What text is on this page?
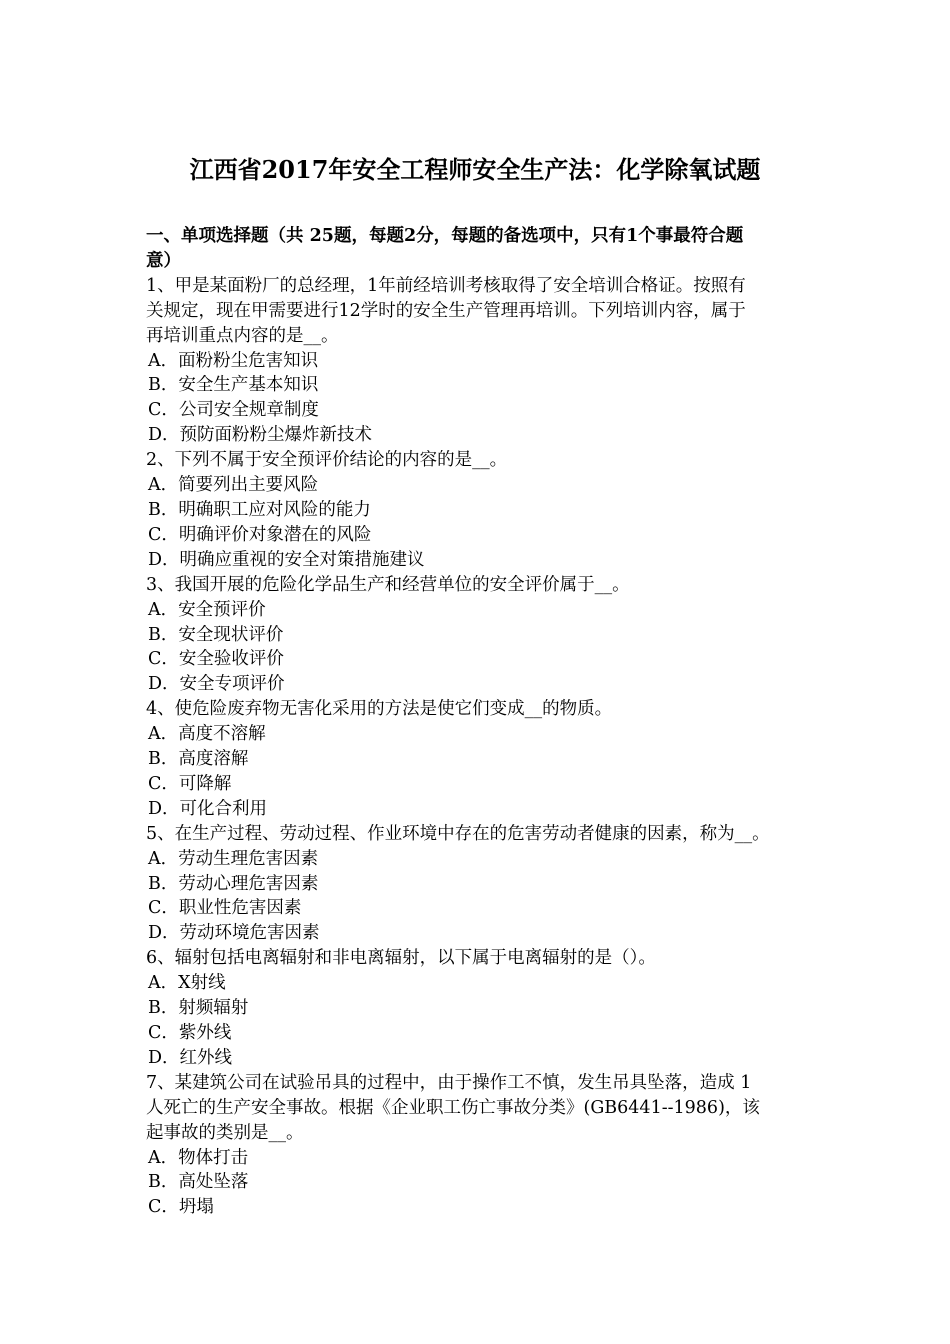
江西省2017年安全工程师安全生产法：化学除氧试题
一、单项选择题（共 25题，每题2分，每题的备选项中，只有1个事最符合题
意）
1、甲是某面粉厂的总经理，1年前经培训考核取得了安全培训合格证。按照有
关规定，现在甲需要进行12学时的安全生产管理再培训。下列培训内容，属于
再培训重点内容的是__。
A．面粉粉尘危害知识
B．安全生产基本知识
C．公司安全规章制度
D．预防面粉粉尘爆炸新技术
2、下列不属于安全预评价结论的内容的是__。
A．简要列出主要风险
B．明确职工应对风险的能力
C．明确评价对象潜在的风险
D．明确应重视的安全对策措施建议
3、我国开展的危险化学品生产和经营单位的安全评价属于__。
A．安全预评价
B．安全现状评价
C．安全验收评价
D．安全专项评价
4、使危险废弃物无害化采用的方法是使它们变成__的物质。
A．高度不溶解
B．高度溶解
C．可降解
D．可化合利用
5、在生产过程、劳动过程、作业环境中存在的危害劳动者健康的因素，称为__。
A．劳动生理危害因素
B．劳动心理危害因素
C．职业性危害因素
D．劳动环境危害因素
6、辐射包括电离辐射和非电离辐射，以下属于电离辐射的是（）。
A．X射线
B．射频辐射
C．紫外线
D．红外线
7、某建筑公司在试验吊具的过程中，由于操作工不慎，发生吊具坠落，造成 1
人死亡的生产安全事故。根据《企业职工伤亡事故分类》(GB6441--1986)，该
起事故的类别是__。
A．物体打击
B．高处坠落
C．坍塌
